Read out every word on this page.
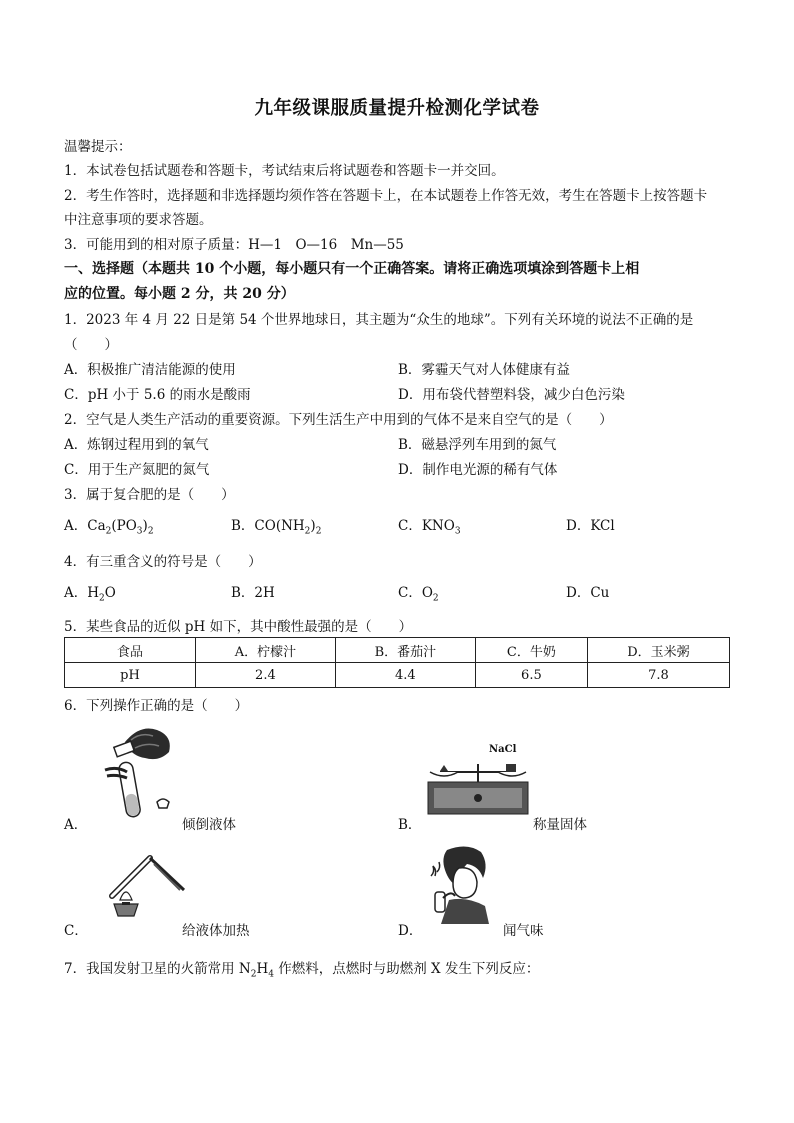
九年级课服质量提升检测化学试卷
温馨提示：
1．本试卷包括试题卷和答题卡，考试结束后将试题卷和答题卡一并交回。
2．考生作答时，选择题和非选择题均须作答在答题卡上，在本试题卷上作答无效，考生在答题卡上按答题卡
中注意事项的要求答题。
3．可能用到的相对原子质量：H—1　O—16　Mn—55
一、选择题（本题共 10 个小题，每小题只有一个正确答案。请将正确选项填涂到答题卡上相
应的位置。每小题 2 分，共 20 分）
1．2023 年 4 月 22 日是第 54 个世界地球日，其主题为“众生的地球”。下列有关环境的说法不正确的是
（　　）
A．积极推广清洁能源的使用	B．雾霾天气对人体健康有益
C．pH 小于 5.6 的雨水是酸雨	D．用布袋代替塑料袋，减少白色污染
2．空气是人类生产活动的重要资源。下列生活生产中用到的气体不是来自空气的是（　　）
A．炼钢过程用到的氧气	B．磁悬浮列车用到的氮气
C．用于生产氮肥的氮气	D．制作电光源的稀有气体
3．属于复合肥的是（　　）
A．$Ca_2(PO_3)_2$	B．$CO(NH_2)_2$	C．$KNO_3$	D．KCl
4．有三重含义的符号是（　　）
A．$H_2O$	B．2H	C．$O_2$	D．Cu
5．某些食品的近似 pH 如下，其中酸性最强的是（　　）
食品	A．柠檬汁	B．番茄汁	C．牛奶	D．玉米粥
pH	2.4	4.4	6.5	7.8
6．下列操作正确的是（　　）
A．	倾倒液体
NaCl
B．	称量固体
C．	给液体加热	D．	闻气味
7．我国发射卫星的火箭常用 $N_2H_4$ 作燃料，点燃时与助燃剂 X 发生下列反应：
